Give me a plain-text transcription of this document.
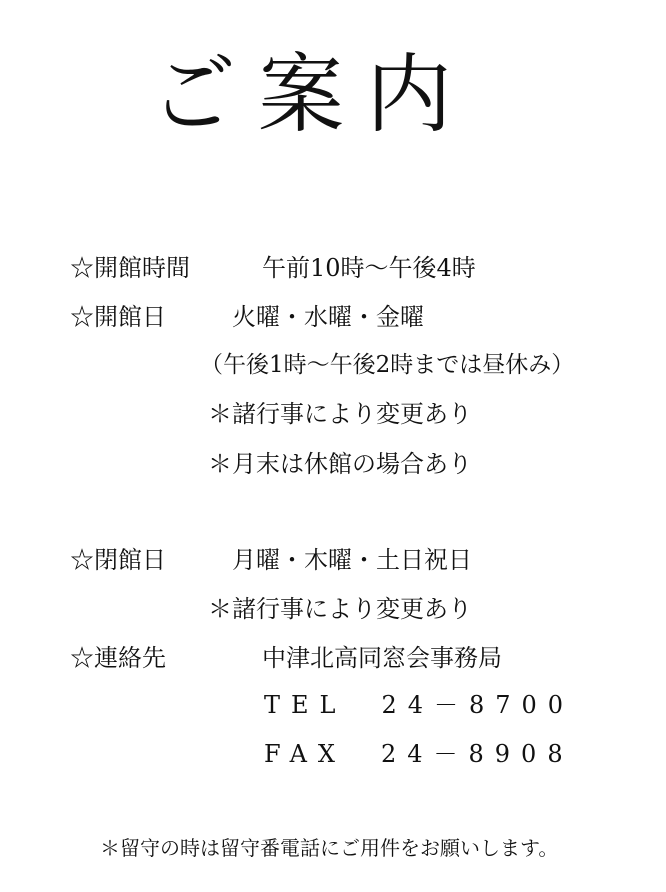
ご案内
☆開館時間	午前10時～午後4時
☆開館日	火曜・水曜・金曜
（午後1時～午後2時までは昼休み）
＊諸行事により変更あり
＊月末は休館の場合あり
☆閉館日	月曜・木曜・土日祝日
＊諸行事により変更あり
☆連絡先	中津北高同窓会事務局
TEL　24－8700
FAX　24－8908
＊留守の時は留守番電話にご用件をお願いします。
